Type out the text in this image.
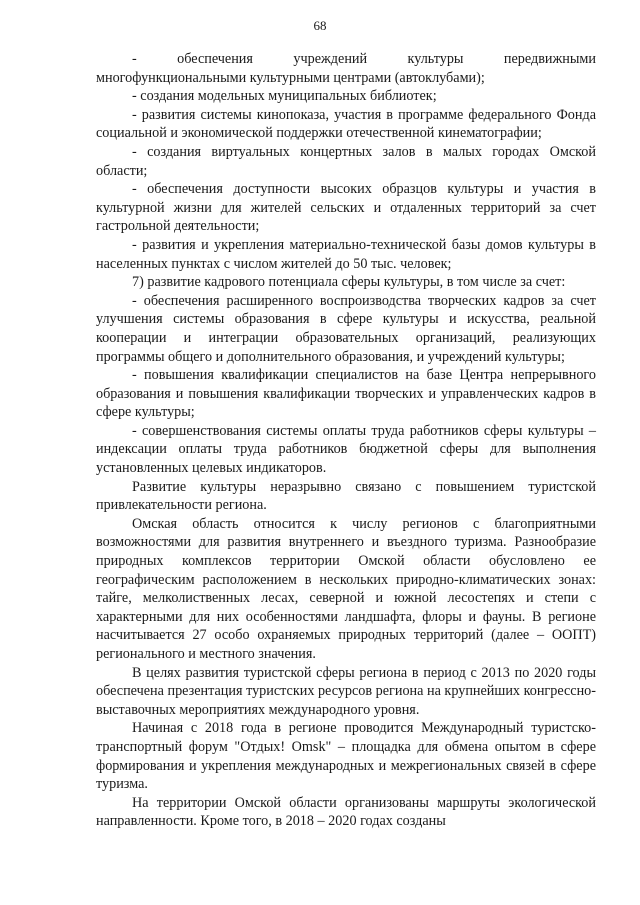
68

- обеспечения учреждений культуры передвижными многофункциональными культурными центрами (автоклубами);

- создания модельных муниципальных библиотек;

- развития системы кинопоказа, участия в программе федерального Фонда социальной и экономической поддержки отечественной кинематографии;

- создания виртуальных концертных залов в малых городах Омской области;

- обеспечения доступности высоких образцов культуры и участия в культурной жизни для жителей сельских и отдаленных территорий за счет гастрольной деятельности;

- развития и укрепления материально-технической базы домов культуры в населенных пунктах с числом жителей до 50 тыс. человек;

7) развитие кадрового потенциала сферы культуры, в том числе за счет:

- обеспечения расширенного воспроизводства творческих кадров за счет улучшения системы образования в сфере культуры и искусства, реальной кооперации и интеграции образовательных организаций, реализующих программы общего и дополнительного образования, и учреждений культуры;

- повышения квалификации специалистов на базе Центра непрерывного образования и повышения квалификации творческих и управленческих кадров в сфере культуры;

- совершенствования системы оплаты труда работников сферы культуры – индексации оплаты труда работников бюджетной сферы для выполнения установленных целевых индикаторов.

Развитие культуры неразрывно связано с повышением туристской привлекательности региона.

Омская область относится к числу регионов с благоприятными возможностями для развития внутреннего и въездного туризма. Разнообразие природных комплексов территории Омской области обусловлено ее географическим расположением в нескольких природно-климатических зонах: тайге, мелколиственных лесах, северной и южной лесостепях и степи с характерными для них особенностями ландшафта, флоры и фауны. В регионе насчитывается 27 особо охраняемых природных территорий (далее – ООПТ) регионального и местного значения.

В целях развития туристской сферы региона в период с 2013 по 2020 годы обеспечена презентация туристских ресурсов региона на крупнейших конгрессно-выставочных мероприятиях международного уровня.

Начиная с 2018 года в регионе проводится Международный туристско-транспортный форум "Отдых! Omsk" – площадка для обмена опытом в сфере формирования и укрепления международных и межрегиональных связей в сфере туризма.

На территории Омской области организованы маршруты экологической направленности. Кроме того, в 2018 – 2020 годах созданы
